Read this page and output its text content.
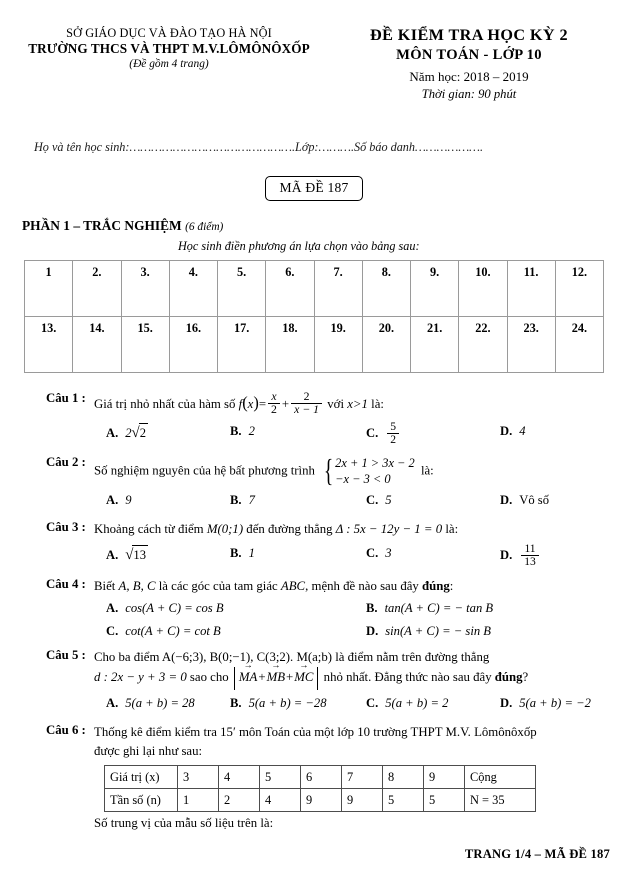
SỞ GIÁO DỤC VÀ ĐÀO TẠO HÀ NỘI
TRƯỜNG THCS VÀ THPT M.V.LÔMÔNÔXỐP
(Đề gồm 4 trang)
ĐỀ KIỂM TRA HỌC KỲ 2
MÔN TOÁN - LỚP 10
Năm học: 2018 – 2019
Thời gian: 90 phút
Họ và tên học sinh:……………………………………….Lớp:……….Số báo danh……………….
MÃ ĐỀ 187
PHẦN 1 – TRẮC NGHIỆM (6 điểm)
Học sinh điền phương án lựa chọn vào bảng sau:
1	2.	3.	4.	5.	6.	7.	8.	9.	10.	11.	12.
13.	14.	15.	16.	17.	18.	19.	20.	21.	22.	23.	24.
Câu 1 : Giá trị nhỏ nhất của hàm số $f(x)= \frac{x}{2} + \frac{2}{x - 1}$ với x>1 là:
A. 2√2	B. 2	C. $\frac{5}{2}$	D. 4
Câu 2 :
Số nghiệm nguyên của hệ bất phương trình { 2x + 1 > 3x − 2
−x − 3 < 0
là:
A. 9	B. 7	C. 5	D. Vô số
Câu 3 : Khoảng cách từ điểm M(0;1) đến đường thẳng Δ : 5x − 12y − 1 = 0 là:
A. √13	B. 1	C. 3	D. $\frac{11}{13}$
Câu 4 : Biết A, B, C là các góc của tam giác ABC, mệnh đề nào sau đây đúng:
A. cos(A + C) = cos B	B. tan(A + C) = − tan B
C. cot(A + C) = cot B	D. sin(A + C) = − sin B
Câu 5 : Cho ba điểm A(−6;3), B(0;−1), C(3;2). M(a;b) là điểm nằm trên đường thẳng
d : 2x − y + 3 = 0 sao cho MA →+MB →+MC → nhỏ nhất. Đẳng thức nào sau đây đúng?
A. 5(a + b) = 28	B. 5(a + b) = −28	C. 5(a + b) = 2	D. 5(a + b) = −2
Câu 6 : Thống kê điểm kiểm tra 15′ môn Toán của một lớp 10 trường THPT M.V. Lômônôxốp
được ghi lại như sau:
Giá trị (x)	3	4	5	6	7	8	9	Cộng
Tần số (n)	1	2	4	9	9	5	5	N = 35
Số trung vị của mẫu số liệu trên là:
TRANG 1/4 – MÃ ĐỀ 187
